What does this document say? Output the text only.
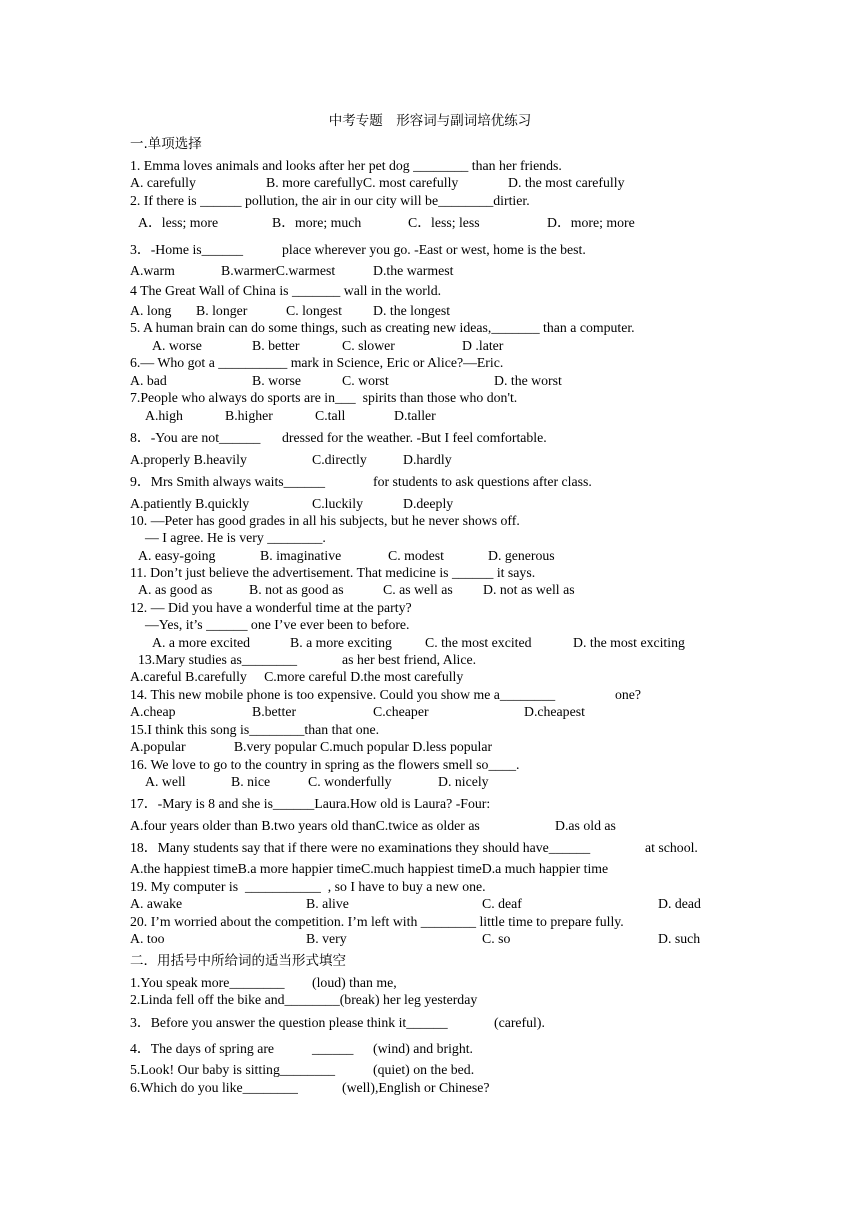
中考专题　形容词与副词培优练习
一.单项选择
1. Emma loves animals and looks after her pet dog ________ than her friends.
A. carefully	B. more carefullyC. most carefully	D. the most carefully
2. If there is ______ pollution, the air in our city will be________dirtier.
A．less; more	B．more; much	C．less; less	D．more; more
3．-Home is______	place wherever you go. -East or west, home is the best.
A.warm	B.warmerC.warmest	D.the warmest
4 The Great Wall of China is _______ wall in the world.
A. long B. longer	C. longest D. the longest
5. A human brain can do some things, such as creating new ideas,_______ than a computer.
A. worse	B. better	C. slower	D .later
6.— Who got a __________ mark in Science, Eric or Alice?—Eric.
A. bad	B. worse	C. worst	D. the worst
7.People who always do sports are in___  spirits than those who don't.
A.high	B.higher	C.tall	D.taller
8．-You are not______ dressed for the weather. -But I feel comfortable.
A.properly B.heavily	C.directly	D.hardly
9．Mrs Smith always waits______	for students to ask questions after class.
A.patiently B.quickly	C.luckily	D.deeply
10. —Peter has good grades in all his subjects, but he never shows off.
— I agree. He is very ________.
A. easy-going	B. imaginative	C. modest	D. generous
11. Don’t just believe the advertisement. That medicine is ______ it says.
A. as good as	B. not as good as	C. as well as D. not as well as
12. — Did you have a wonderful time at the party?
—Yes, it’s ______ one I’ve ever been to before.
A. a more excited	B. a more exciting C. the most excited	D. the most exciting
13.Mary studies as________	as her best friend, Alice.
A.careful B.carefully     C.more careful D.the most carefully
14. This new mobile phone is too expensive. Could you show me a________	one?
A.cheap	B.better	C.cheaper	D.cheapest
15.I think this song is________than that one.
A.popular              B.very popular C.much popular D.less popular
16. We love to go to the country in spring as the flowers smell so____.
A. well	B. nice	C. wonderfully	D. nicely
17．-Mary is 8 and she is______Laura.How old is Laura? -Four:
A.four years older than B.two years old thanC.twice as older as	D.as old as
18．Many students say that if there were no examinations they should have______	at school.
A.the happiest timeB.a more happier timeC.much happiest timeD.a much happier time
19. My computer is  ___________  , so I have to buy a new one.
A. awake	B. alive	C. deaf	D. dead
20. I’m worried about the competition. I’m left with ________ little time to prepare fully.
A. too	B. very	C. so	D. such
二．用括号中所给词的适当形式填空
1.You speak more________ (loud) than me,
2.Linda fell off the bike and________(break) her leg yesterday
3．Before you answer the question please think it______	(careful).
4．The days of spring are	______ (wind) and bright.
5.Look! Our baby is sitting________	(quiet) on the bed.
6.Which do you like________	(well),English or Chinese?
